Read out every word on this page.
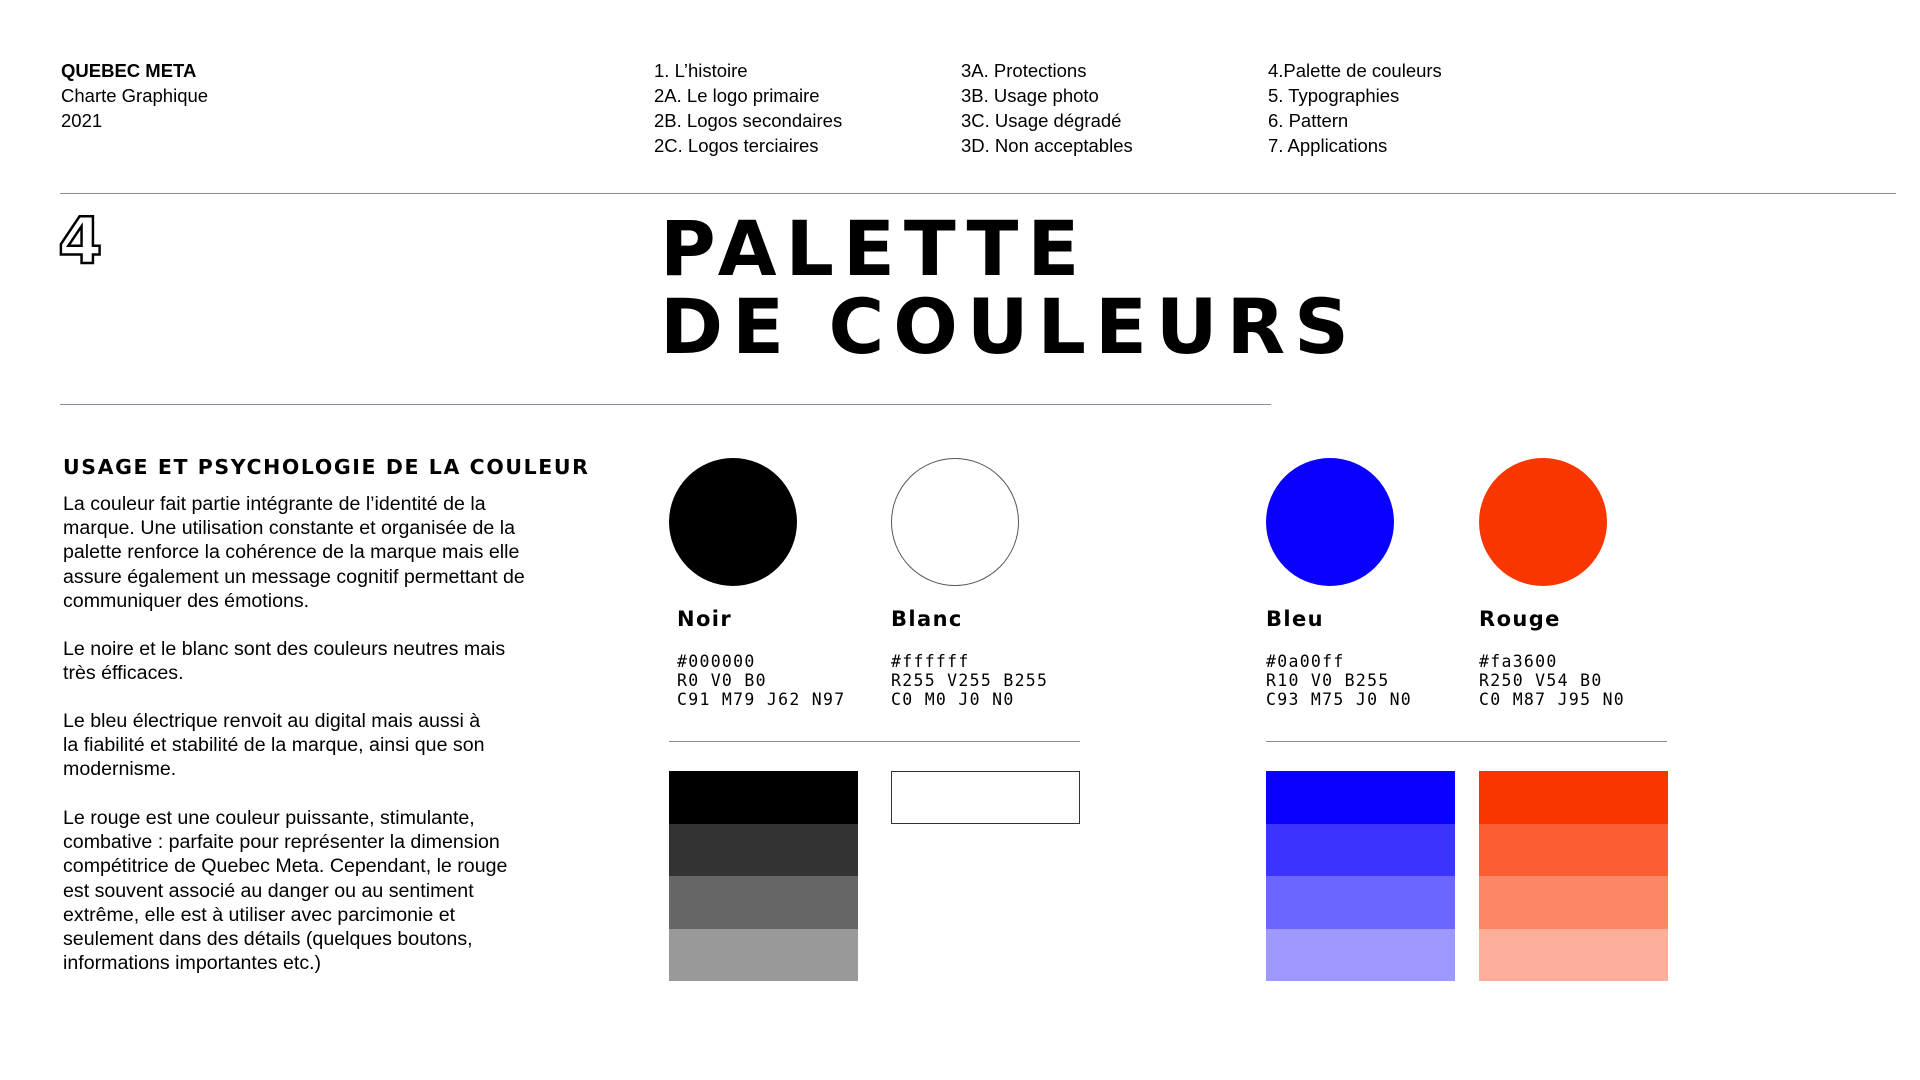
QUEBEC META
Charte Graphique
2021
1. L’histoire
2A. Le logo primaire
2B. Logos secondaires
2C. Logos terciaires
3A. Protections
3B. Usage photo
3C. Usage dégradé
3D. Non acceptables
4.Palette de couleurs
5. Typographies
6. Pattern
7. Applications
4	PALETTE
DE COULEURS
USAGE ET PSYCHOLOGIE DE LA COULEUR
La couleur fait partie intégrante de l’identité de la
marque. Une utilisation constante et organisée de la
palette renforce la cohérence de la marque mais elle
assure également un message cognitif permettant de
communiquer des émotions.
Le noire et le blanc sont des couleurs neutres mais
très éfficaces.
Le bleu électrique renvoit au digital mais aussi à
la fiabilité et stabilité de la marque, ainsi que son
modernisme.
Le rouge est une couleur puissante, stimulante,
combative : parfaite pour représenter la dimension
compétitrice de Quebec Meta. Cependant, le rouge
est souvent associé au danger ou au sentiment
extrême, elle est à utiliser avec parcimonie et
seulement dans des détails (quelques boutons,
informations importantes etc.)
Noir
#000000
R0 V0 B0
C91 M79 J62 N97
Blanc
#ffffff
R255 V255 B255
C0 M0 J0 N0
Bleu
#0a00ff
R10 V0 B255
C93 M75 J0 N0
Rouge
#fa3600
R250 V54 B0
C0 M87 J95 N0
